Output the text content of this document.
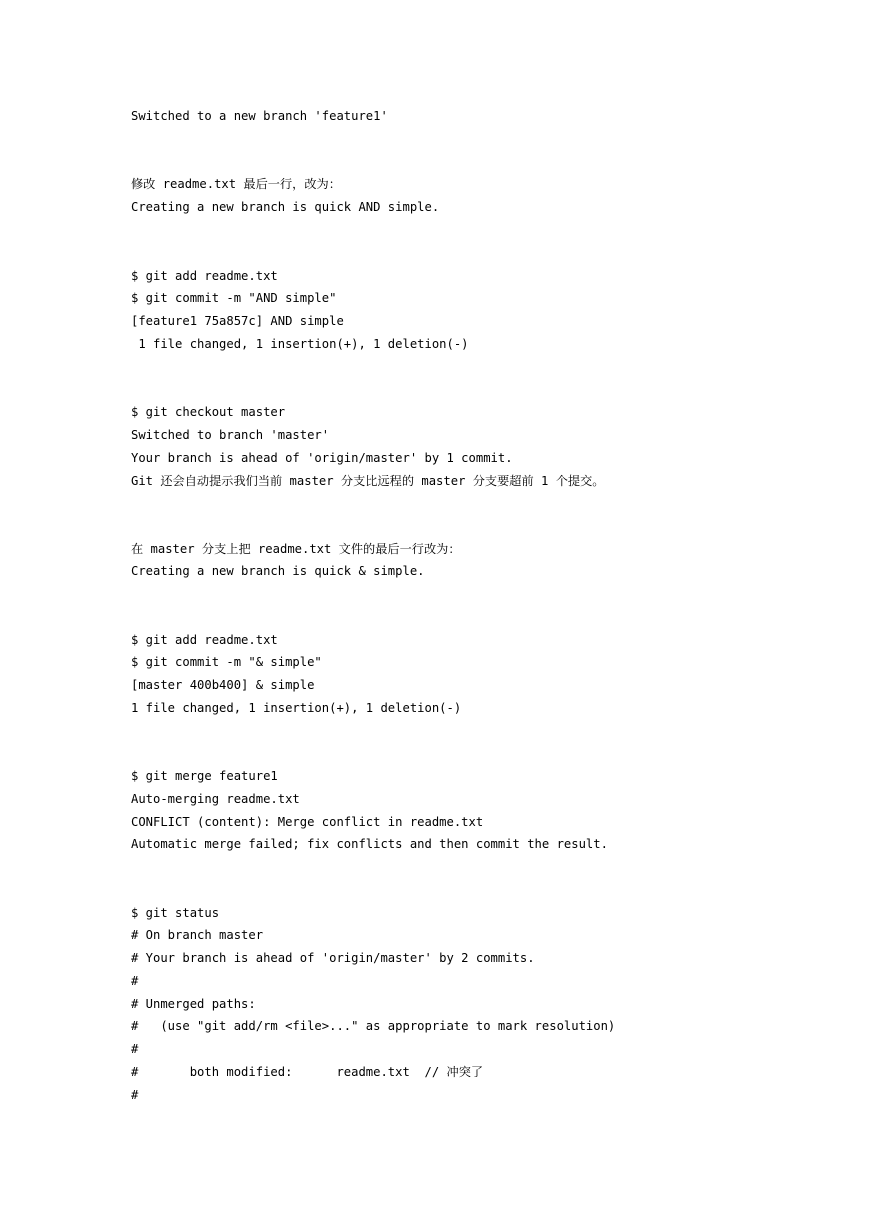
Switched to a new branch 'feature1'
修改 readme.txt 最后一行，改为：
Creating a new branch is quick AND simple.
$ git add readme.txt
$ git commit -m "AND simple"
[feature1 75a857c] AND simple
1 file changed, 1 insertion(+), 1 deletion(-)
$ git checkout master
Switched to branch 'master'
Your branch is ahead of 'origin/master' by 1 commit.
Git 还会自动提示我们当前 master 分支比远程的 master 分支要超前 1 个提交。
在 master 分支上把 readme.txt 文件的最后一行改为：
Creating a new branch is quick & simple.
$ git add readme.txt
$ git commit -m "& simple"
[master 400b400] & simple
1 file changed, 1 insertion(+), 1 deletion(-)
$ git merge feature1
Auto-merging readme.txt
CONFLICT (content): Merge conflict in readme.txt
Automatic merge failed; fix conflicts and then commit the result.
$ git status
# On branch master
# Your branch is ahead of 'origin/master' by 2 commits.
#
# Unmerged paths:
#   (use "git add/rm <file>..." as appropriate to mark resolution)
#
#       both modified:      readme.txt  // 冲突了
#
